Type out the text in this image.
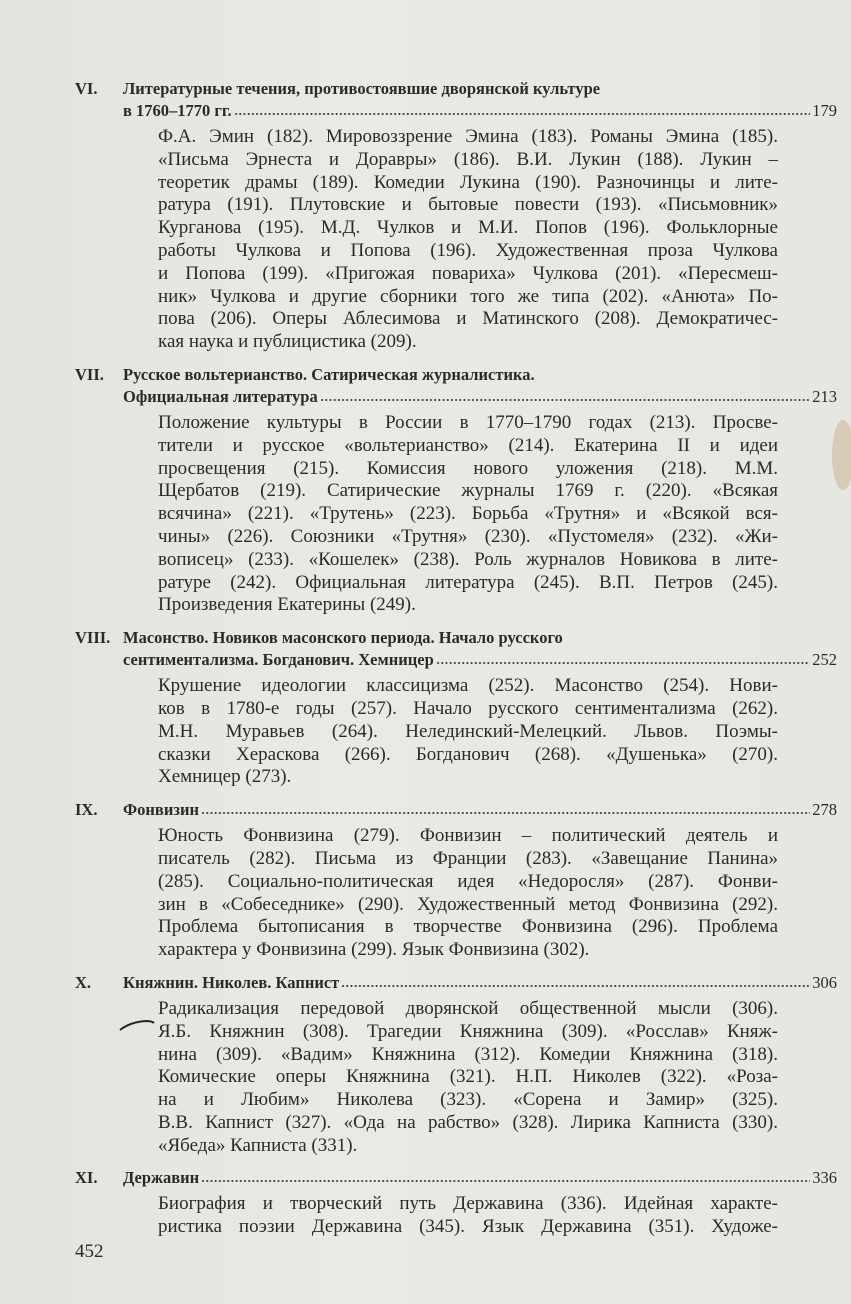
VI.	Литературные течения, противостоявшие дворянской культуре
в 1760–1770 гг.	179
Ф.А. Эмин (182). Мировоззрение Эмина (183). Романы Эмина (185).
«Письма Эрнеста и Доравры» (186). В.И. Лукин (188). Лукин –
теоретик драмы (189). Комедии Лукина (190). Разночинцы и лите-
ратура (191). Плутовские и бытовые повести (193). «Письмовник»
Курганова (195). М.Д. Чулков и М.И. Попов (196). Фольклорные
работы Чулкова и Попова (196). Художественная проза Чулкова
и Попова (199). «Пригожая повариха» Чулкова (201). «Пересмеш-
ник» Чулкова и другие сборники того же типа (202). «Анюта» По-
пова (206). Оперы Аблесимова и Матинского (208). Демократичес-
кая наука и публицистика (209).
VII.	Русское вольтерианство. Сатирическая журналистика.
Официальная литература	213
Положение культуры в России в 1770–1790 годах (213). Просве-
тители и русское «вольтерианство» (214). Екатерина II и идеи
просвещения (215). Комиссия нового уложения (218). М.М.
Щербатов (219). Сатирические журналы 1769 г. (220). «Всякая
всячина» (221). «Трутень» (223). Борьба «Трутня» и «Всякой вся-
чины» (226). Союзники «Трутня» (230). «Пустомеля» (232). «Жи-
вописец» (233). «Кошелек» (238). Роль журналов Новикова в лите-
ратуре (242). Официальная литература (245). В.П. Петров (245).
Произведения Екатерины (249).
VIII. Масонство. Новиков масонского периода. Начало русского
сентиментализма. Богданович. Хемницер	252
Крушение идеологии классицизма (252). Масонство (254). Нови-
ков в 1780-е годы (257). Начало русского сентиментализма (262).
М.Н. Муравьев (264). Нелединский-Мелецкий. Львов. Поэмы-
сказки Хераскова (266). Богданович (268). «Душенька» (270).
Хемницер (273).
IX.	Фонвизин	278
Юность Фонвизина (279). Фонвизин – политический деятель и
писатель (282). Письма из Франции (283). «Завещание Панина»
(285). Социально-политическая идея «Недоросля» (287). Фонви-
зин в «Собеседнике» (290). Художественный метод Фонвизина (292).
Проблема бытописания в творчестве Фонвизина (296). Проблема
характера у Фонвизина (299). Язык Фонвизина (302).
X.	Княжнин. Николев. Капнист	306
Радикализация передовой дворянской общественной мысли (306).
Я.Б. Княжнин (308). Трагедии Княжнина (309). «Росслав» Княж-
нина (309). «Вадим» Княжнина (312). Комедии Княжнина (318).
Комические оперы Княжнина (321). Н.П. Николев (322). «Роза-
на и Любим» Николева (323). «Сорена и Замир» (325).
В.В. Капнист (327). «Ода на рабство» (328). Лирика Капниста (330).
«Ябеда» Капниста (331).
XI.	Державин	336
Биография и творческий путь Державина (336). Идейная характе-
ристика поэзии Державина (345). Язык Державина (351). Художе-
452
